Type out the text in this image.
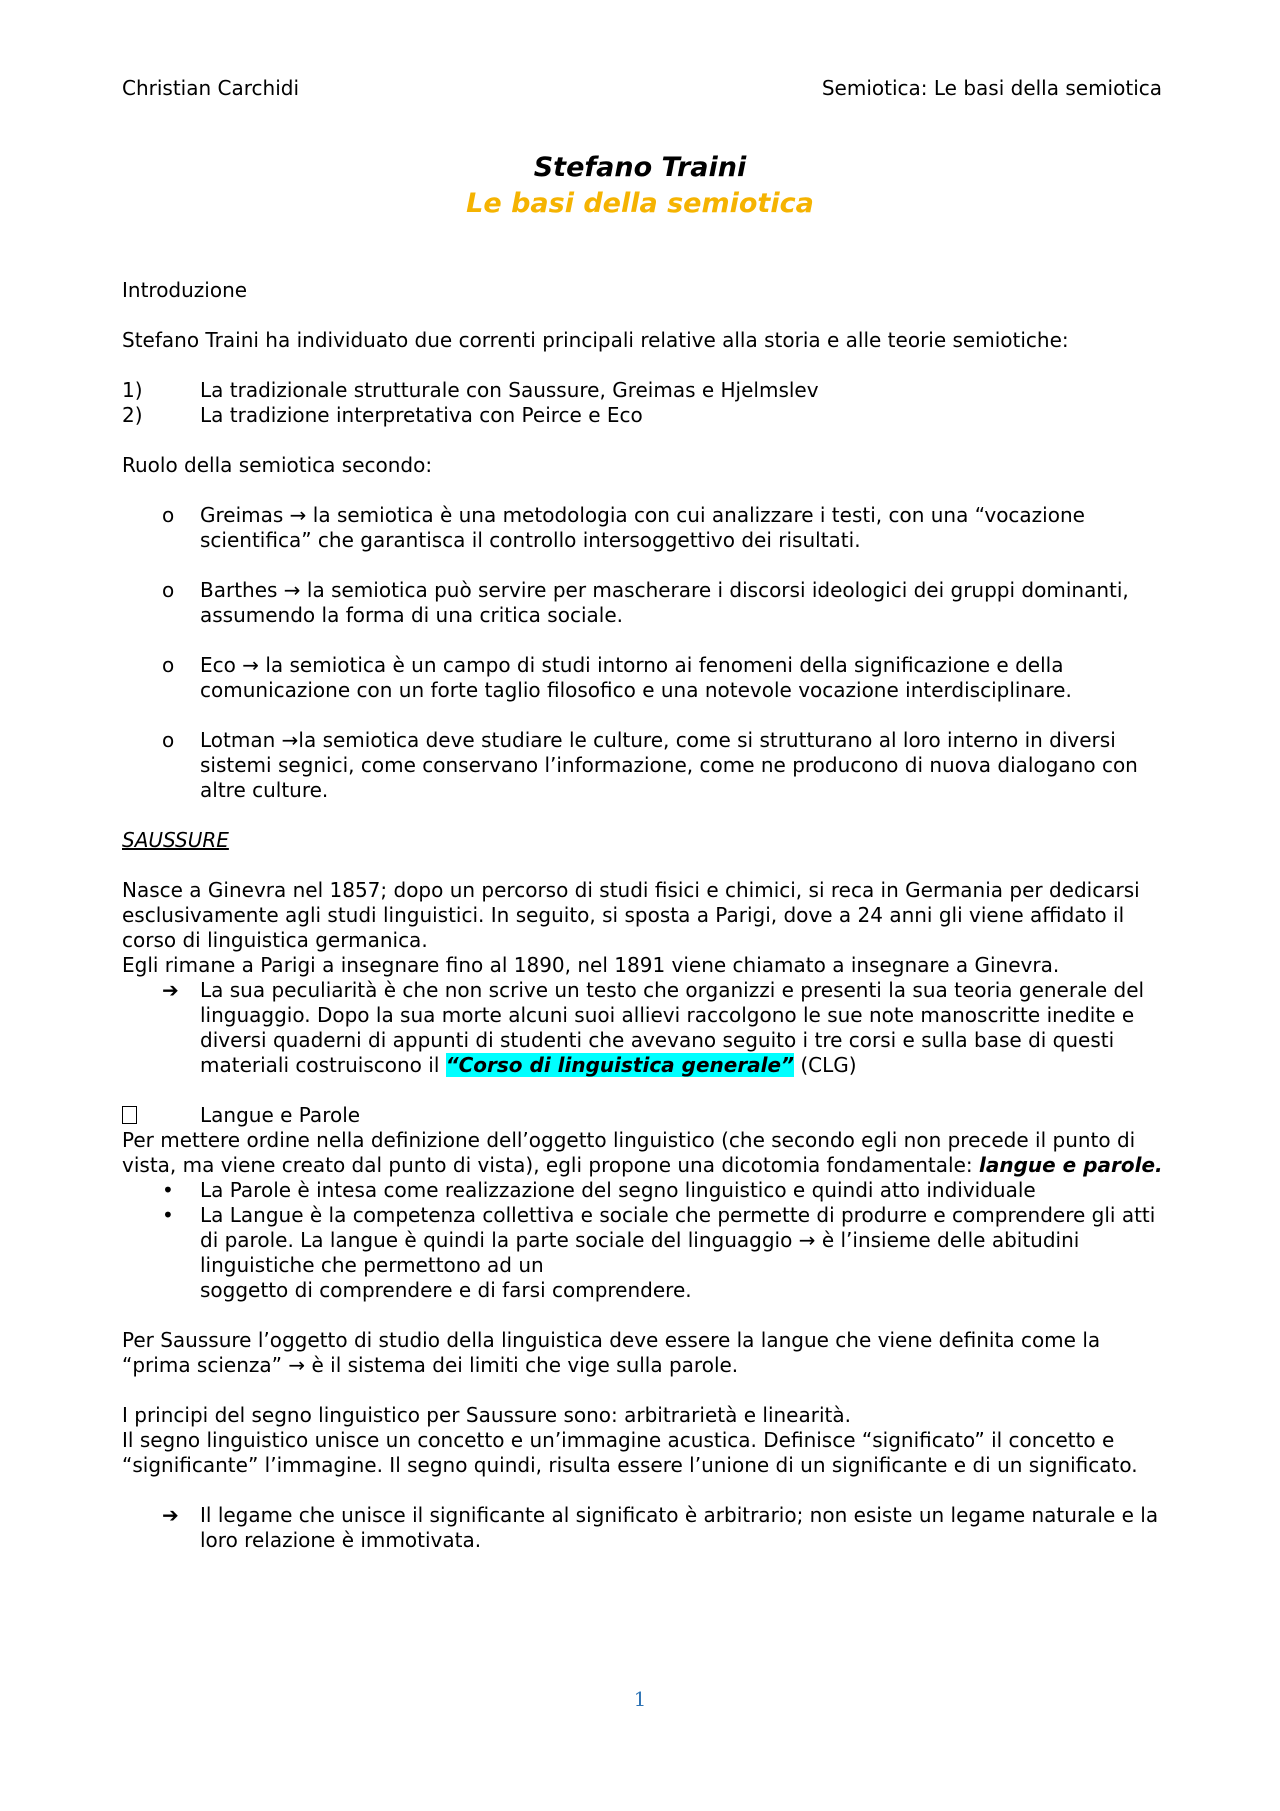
Christian Carchidi	Semiotica: Le basi della semiotica
Stefano Traini
Le basi della semiotica

Introduzione

Stefano Traini ha individuato due correnti principali relative alla storia e alle teorie semiotiche:

1)	La tradizionale strutturale con Saussure, Greimas e Hjelmslev
2)	La tradizione interpretativa con Peirce e Eco

Ruolo della semiotica secondo:

o	Greimas → la semiotica è una metodologia con cui analizzare i testi, con una “vocazione scientifica” che garantisca il controllo intersoggettivo dei risultati.
o	Barthes → la semiotica può servire per mascherare i discorsi ideologici dei gruppi dominanti, assumendo la forma di una critica sociale.
o	Eco → la semiotica è un campo di studi intorno ai fenomeni della significazione e della comunicazione con un forte taglio filosofico e una notevole vocazione interdisciplinare.
o	Lotman →la semiotica deve studiare le culture, come si strutturano al loro interno in diversi sistemi segnici, come conservano l’informazione, come ne producono di nuova dialogano con altre culture.

SAUSSURE

Nasce a Ginevra nel 1857; dopo un percorso di studi fisici e chimici, si reca in Germania per dedicarsi esclusivamente agli studi linguistici. In seguito, si sposta a Parigi, dove a 24 anni gli viene affidato il corso di linguistica germanica.

Egli rimane a Parigi a insegnare fino al 1890, nel 1891 viene chiamato a insegnare a Ginevra.

➔	La sua peculiarità è che non scrive un testo che organizzi e presenti la sua teoria generale del linguaggio. Dopo la sua morte alcuni suoi allievi raccolgono le sue note manoscritte inedite e diversi quaderni di appunti di studenti che avevano seguito i tre corsi e sulla base di questi materiali costruiscono il “Corso di linguistica generale” (CLG)
Langue e Parole

Per mettere ordine nella definizione dell’oggetto linguistico (che secondo egli non precede il punto di vista, ma viene creato dal punto di vista), egli propone una dicotomia fondamentale: langue e parole.

•	La Parole è intesa come realizzazione del segno linguistico e quindi atto individuale
•	La Langue è la competenza collettiva e sociale che permette di produrre e comprendere gli atti di parole. La langue è quindi la parte sociale del linguaggio → è l’insieme delle abitudini linguistiche che permettono ad un
soggetto di comprendere e di farsi comprendere.

Per Saussure l’oggetto di studio della linguistica deve essere la langue che viene definita come la “prima scienza” → è il sistema dei limiti che vige sulla parole.

I principi del segno linguistico per Saussure sono: arbitrarietà e linearità.

Il segno linguistico unisce un concetto e un’immagine acustica. Definisce “significato” il concetto e “significante” l’immagine. Il segno quindi, risulta essere l’unione di un significante e di un significato.

➔	Il legame che unisce il significante al significato è arbitrario; non esiste un legame naturale e la loro relazione è immotivata.
1
